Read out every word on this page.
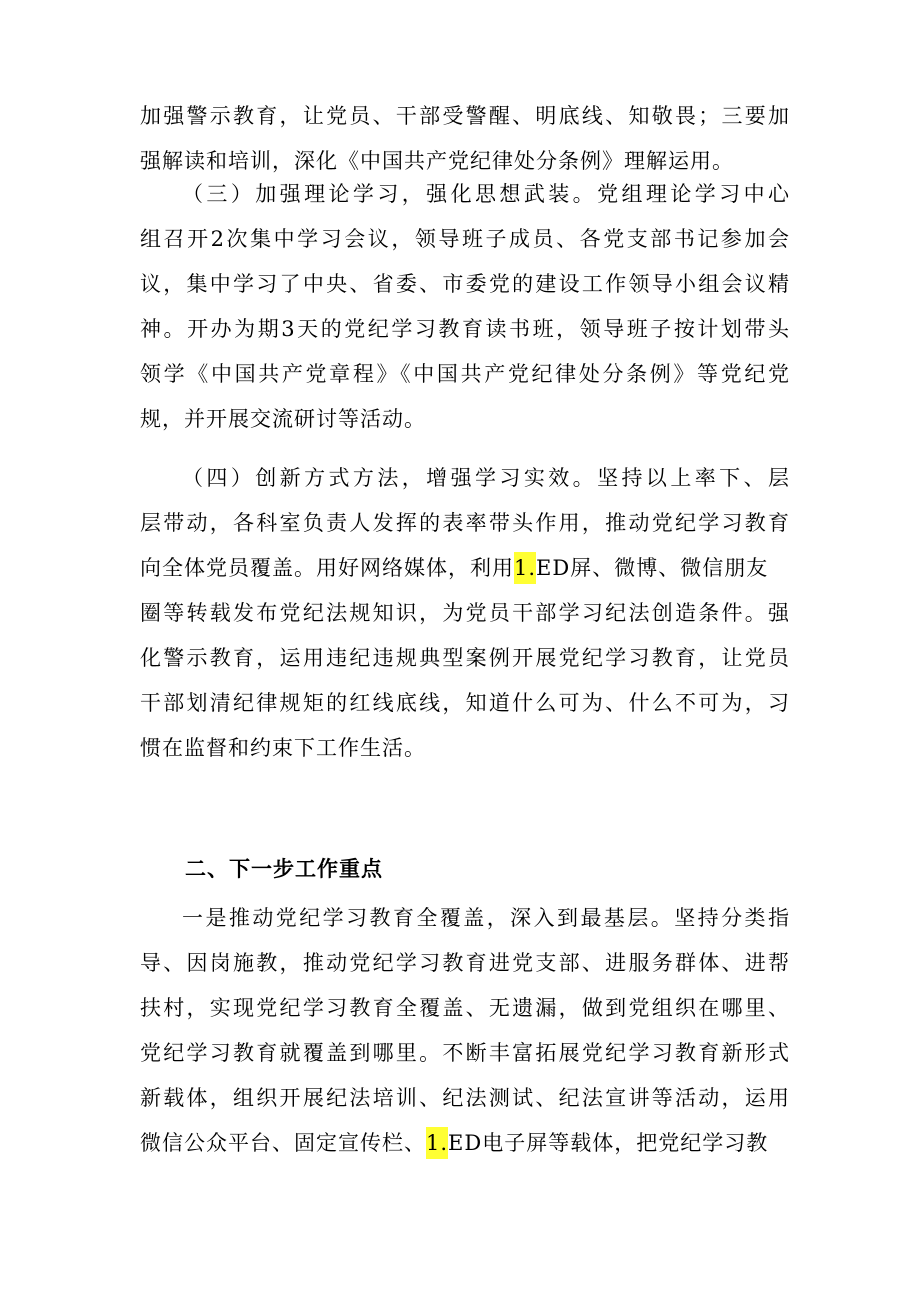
加强警示教育，让党员、干部受警醒、明底线、知敬畏；三要加
强解读和培训，深化《中国共产党纪律处分条例》理解运用。
（三）加强理论学习，强化思想武装。党组理论学习中心
组召开2次集中学习会议，领导班子成员、各党支部书记参加会
议，集中学习了中央、省委、市委党的建设工作领导小组会议精
神。开办为期3天的党纪学习教育读书班，领导班子按计划带头
领学《中国共产党章程》《中国共产党纪律处分条例》等党纪党
规，并开展交流研讨等活动。
（四）创新方式方法，增强学习实效。坚持以上率下、层
层带动，各科室负责人发挥的表率带头作用，推动党纪学习教育
向全体党员覆盖。用好网络媒体，利用1.ED屏、微博、微信朋友
圈等转载发布党纪法规知识，为党员干部学习纪法创造条件。强
化警示教育，运用违纪违规典型案例开展党纪学习教育，让党员
干部划清纪律规矩的红线底线，知道什么可为、什么不可为，习
惯在监督和约束下工作生活。
二、下一步工作重点
一是推动党纪学习教育全覆盖，深入到最基层。坚持分类指
导、因岗施教，推动党纪学习教育进党支部、进服务群体、进帮
扶村，实现党纪学习教育全覆盖、无遗漏，做到党组织在哪里、
党纪学习教育就覆盖到哪里。不断丰富拓展党纪学习教育新形式
新载体，组织开展纪法培训、纪法测试、纪法宣讲等活动，运用
微信公众平台、固定宣传栏、1.ED电子屏等载体，把党纪学习教
